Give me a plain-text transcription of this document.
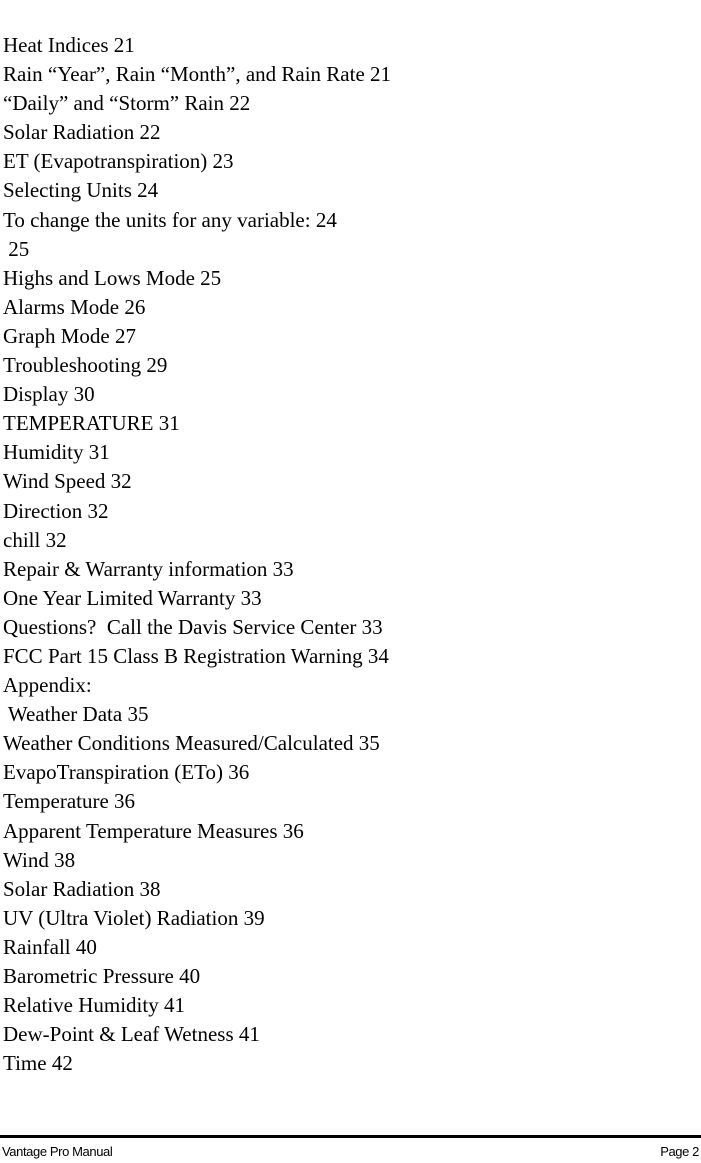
Heat Indices 21
Rain “Year”, Rain “Month”, and Rain Rate 21
“Daily” and “Storm” Rain 22
Solar Radiation 22
ET (Evapotranspiration) 23
Selecting Units 24
To change the units for any variable: 24
25
Highs and Lows Mode 25
Alarms Mode 26
Graph Mode 27
Troubleshooting 29
Display 30
TEMPERATURE 31
Humidity 31
Wind Speed 32
Direction 32
chill 32
Repair & Warranty information 33
One Year Limited Warranty 33
Questions?  Call the Davis Service Center 33
FCC Part 15 Class B Registration Warning 34
Appendix:
Weather Data 35
Weather Conditions Measured/Calculated 35
EvapoTranspiration (ETo) 36
Temperature 36
Apparent Temperature Measures 36
Wind 38
Solar Radiation 38
UV (Ultra Violet) Radiation 39
Rainfall 40
Barometric Pressure 40
Relative Humidity 41
Dew-Point & Leaf Wetness 41
Time 42
Vantage Pro Manual	Page 2
